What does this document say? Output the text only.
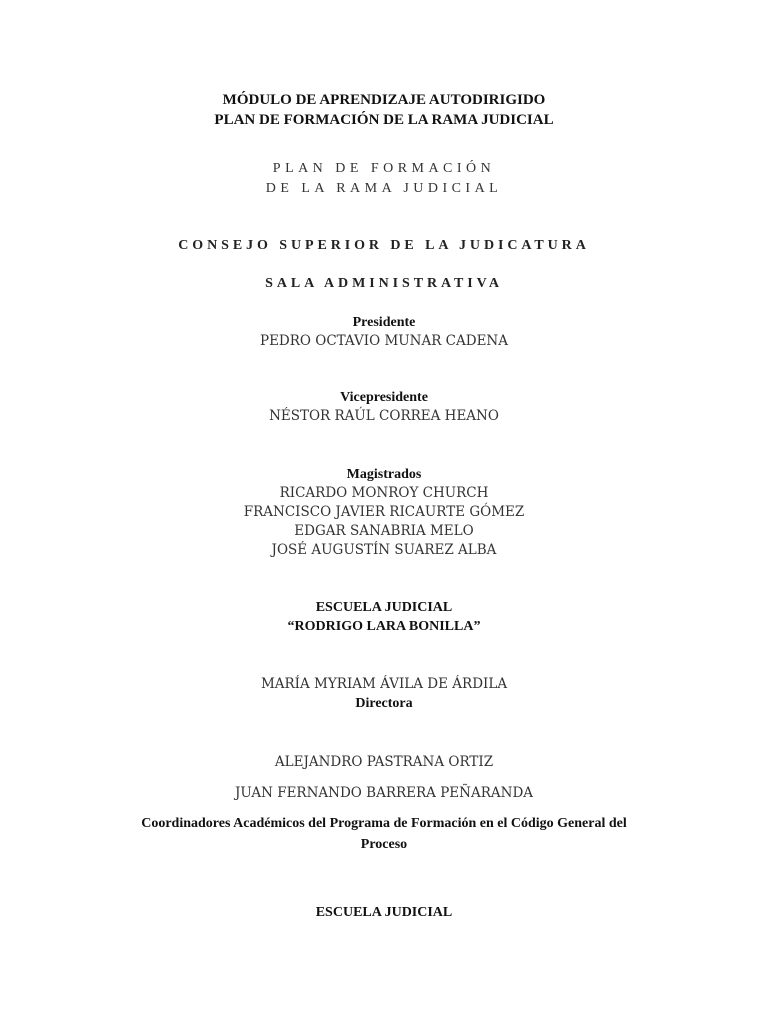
MÓDULO DE APRENDIZAJE AUTODIRIGIDO
PLAN DE FORMACIÓN DE LA RAMA JUDICIAL
PLAN DE FORMACIÓN
DE LA RAMA JUDICIAL
CONSEJO SUPERIOR DE LA JUDICATURA
SALA ADMINISTRATIVA
Presidente
PEDRO OCTAVIO MUNAR CADENA
Vicepresidente
NÉSTOR RAÚL CORREA HEANO
Magistrados
RICARDO MONROY CHURCH
FRANCISCO JAVIER RICAURTE GÓMEZ
EDGAR SANABRIA MELO
JOSÉ AUGUSTÍN SUAREZ ALBA
ESCUELA JUDICIAL
“RODRIGO LARA BONILLA”
MARÍA MYRIAM ÁVILA DE ÁRDILA
Directora
ALEJANDRO PASTRANA ORTIZ
JUAN FERNANDO BARRERA PEÑARANDA
Coordinadores Académicos del Programa de Formación en el Código General del
Proceso
ESCUELA JUDICIAL
